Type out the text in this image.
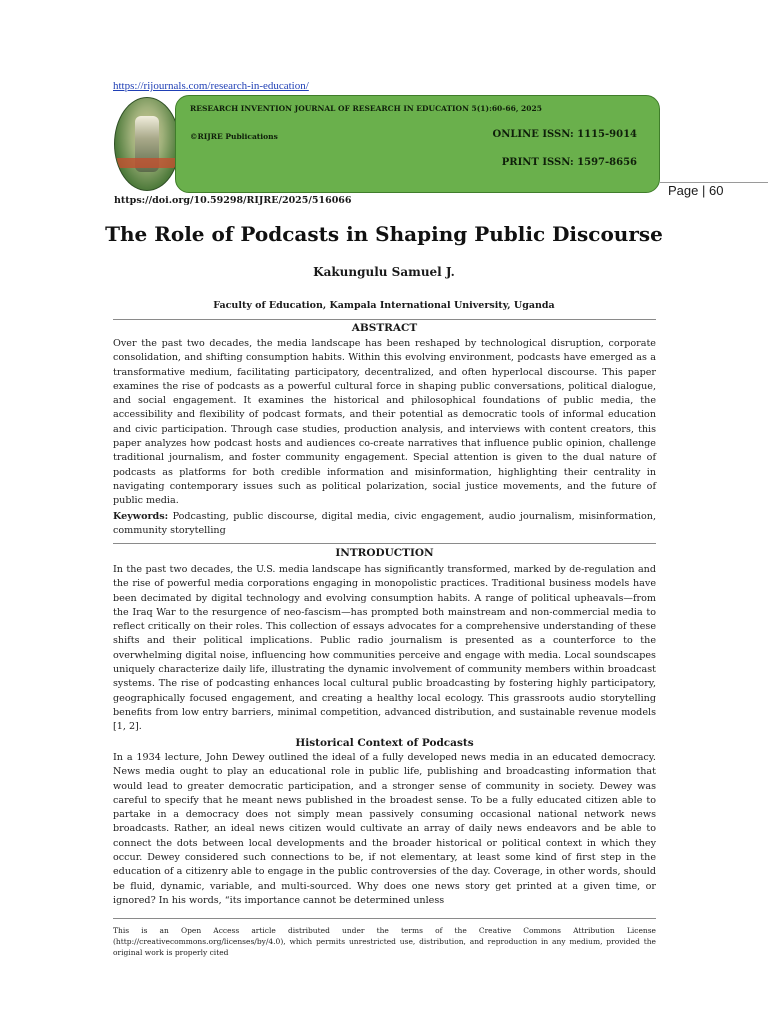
https://rijournals.com/research-in-education/
RESEARCH INVENTION JOURNAL OF RESEARCH IN EDUCATION 5(1):60-66, 2025
©RIJRE Publications	ONLINE ISSN: 1115-9014
PRINT ISSN: 1597-8656
https://doi.org/10.59298/RIJRE/2025/516066
Page | 60
The Role of Podcasts in Shaping Public Discourse
Kakungulu Samuel J.
Faculty of Education, Kampala International University, Uganda
ABSTRACT
Over the past two decades, the media landscape has been reshaped by technological disruption, corporate consolidation, and shifting consumption habits. Within this evolving environment, podcasts have emerged as a transformative medium, facilitating participatory, decentralized, and often hyperlocal discourse. This paper examines the rise of podcasts as a powerful cultural force in shaping public conversations, political dialogue, and social engagement. It examines the historical and philosophical foundations of public media, the accessibility and flexibility of podcast formats, and their potential as democratic tools of informal education and civic participation. Through case studies, production analysis, and interviews with content creators, this paper analyzes how podcast hosts and audiences co-create narratives that influence public opinion, challenge traditional journalism, and foster community engagement. Special attention is given to the dual nature of podcasts as platforms for both credible information and misinformation, highlighting their centrality in navigating contemporary issues such as political polarization, social justice movements, and the future of public media.
Keywords: Podcasting, public discourse, digital media, civic engagement, audio journalism, misinformation, community storytelling
INTRODUCTION
In the past two decades, the U.S. media landscape has significantly transformed, marked by de-regulation and the rise of powerful media corporations engaging in monopolistic practices. Traditional business models have been decimated by digital technology and evolving consumption habits. A range of political upheavals—from the Iraq War to the resurgence of neo-fascism—has prompted both mainstream and non-commercial media to reflect critically on their roles. This collection of essays advocates for a comprehensive understanding of these shifts and their political implications. Public radio journalism is presented as a counterforce to the overwhelming digital noise, influencing how communities perceive and engage with media. Local soundscapes uniquely characterize daily life, illustrating the dynamic involvement of community members within broadcast systems. The rise of podcasting enhances local cultural public broadcasting by fostering highly participatory, geographically focused engagement, and creating a healthy local ecology. This grassroots audio storytelling benefits from low entry barriers, minimal competition, advanced distribution, and sustainable revenue models [1, 2].
Historical Context of Podcasts
In a 1934 lecture, John Dewey outlined the ideal of a fully developed news media in an educated democracy. News media ought to play an educational role in public life, publishing and broadcasting information that would lead to greater democratic participation, and a stronger sense of community in society. Dewey was careful to specify that he meant news published in the broadest sense. To be a fully educated citizen able to partake in a democracy does not simply mean passively consuming occasional national network news broadcasts. Rather, an ideal news citizen would cultivate an array of daily news endeavors and be able to connect the dots between local developments and the broader historical or political context in which they occur. Dewey considered such connections to be, if not elementary, at least some kind of first step in the education of a citizenry able to engage in the public controversies of the day. Coverage, in other words, should be fluid, dynamic, variable, and multi-sourced. Why does one news story get printed at a given time, or ignored? In his words, “its importance cannot be determined unless
This is an Open Access article distributed under the terms of the Creative Commons Attribution License (http://creativecommons.org/licenses/by/4.0), which permits unrestricted use, distribution, and reproduction in any medium, provided the original work is properly cited
